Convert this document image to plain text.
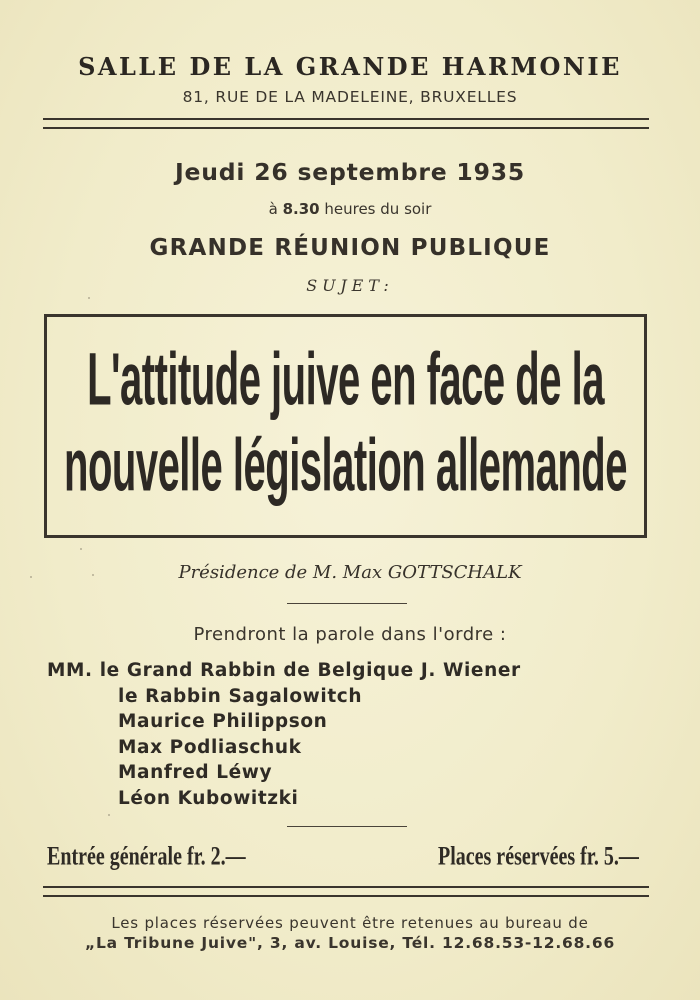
SALLE DE LA GRANDE HARMONIE
81, RUE DE LA MADELEINE, BRUXELLES
Jeudi 26 septembre 1935
à 8.30 heures du soir
GRANDE RÉUNION PUBLIQUE
SUJET:
L'attitude juive en face de la
nouvelle législation allemande
Présidence de M. Max GOTTSCHALK
Prendront la parole dans l'ordre :
MM. le Grand Rabbin de Belgique J. Wiener
le Rabbin Sagalowitch
Maurice Philippson
Max Podliaschuk
Manfred Léwy
Léon Kubowitzki
Entrée générale fr. 2.—	Places réservées fr. 5.—
Les places réservées peuvent être retenues au bureau de
„La Tribune Juive", 3, av. Louise, Tél. 12.68.53-12.68.66
